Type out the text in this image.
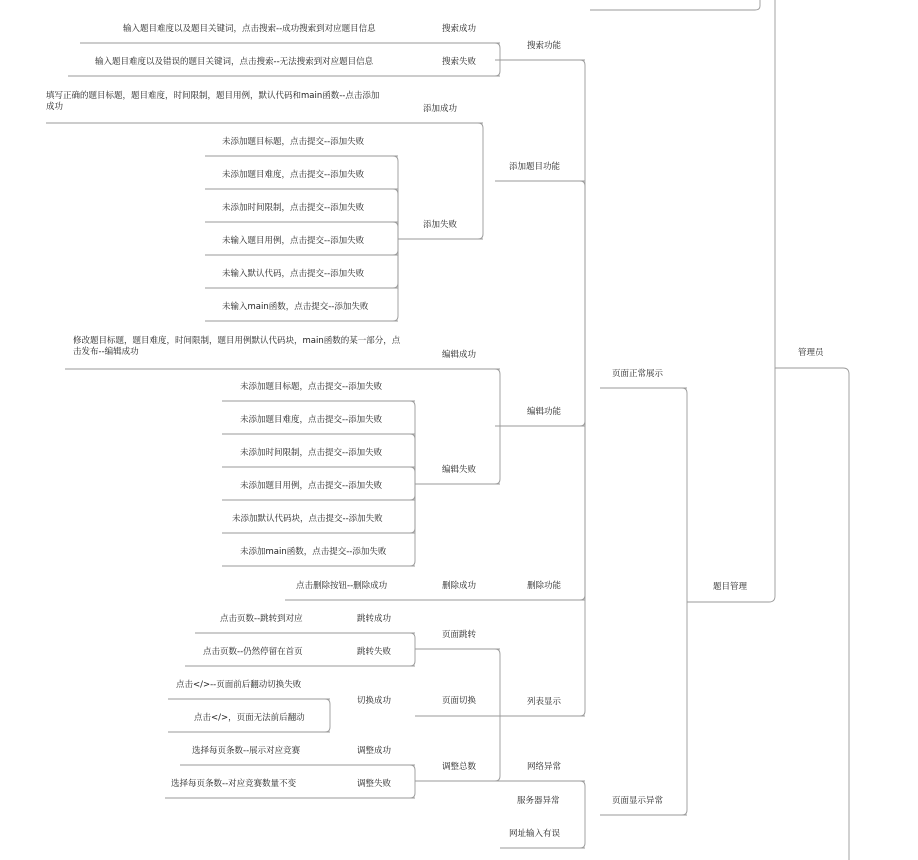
管理员
题目管理
页面正常展示
页面显示异常
搜索功能
添加题目功能
编辑功能
删除功能
列表显示
网络异常
服务器异常
网址输入有误
搜索成功
搜索失败
输入题目难度以及题目关键词，点击搜索--成功搜索到对应题目信息
输入题目难度以及错误的题目关键词，点击搜索--无法搜索到对应题目信息
添加成功
填写正确的题目标题，题目难度，时间限制，题目用例，默认代码和main函数--点击添加成功
添加失败
未添加题目标题，点击提交--添加失败
未添加题目难度，点击提交--添加失败
未添加时间限制，点击提交--添加失败
未输入题目用例，点击提交--添加失败
未输入默认代码，点击提交--添加失败
未输入main函数，点击提交--添加失败
编辑成功
修改题目标题，题目难度，时间限制，题目用例默认代码块，main函数的某一部分，点击发布--编辑成功
编辑失败
未添加题目标题，点击提交--添加失败
未添加题目难度，点击提交--添加失败
未添加时间限制，点击提交--添加失败
未添加题目用例，点击提交--添加失败
未添加默认代码块，点击提交--添加失败
未添加main函数，点击提交--添加失败
删除成功
点击删除按钮--删除成功
页面跳转
跳转成功
跳转失败
点击页数--跳转到对应
点击页数--仍然停留在首页
页面切换
切换成功
点击</>--页面前后翻动切换失败
点击</>，页面无法前后翻动
调整总数
调整成功
调整失败
选择每页条数--展示对应竞赛
选择每页条数--对应竞赛数量不变
